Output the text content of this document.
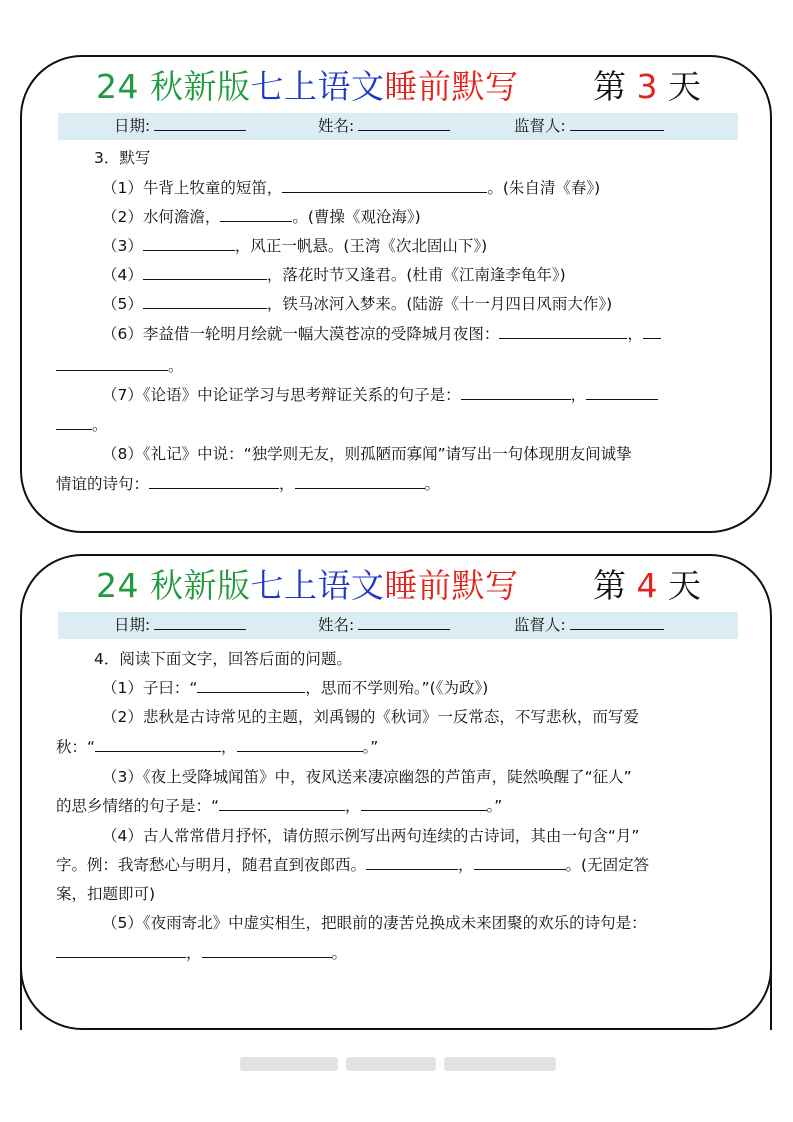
24 秋新版七上语文睡前默写 第 3 天
日期:	姓名:	监督人:
3．默写
（1）牛背上牧童的短笛，	。(朱自清《春》)
（2）水何澹澹，	。(曹操《观沧海》)
（3）	，风正一帆悬。(王湾《次北固山下》)
（4）	，落花时节又逢君。(杜甫《江南逢李龟年》)
（5）	，铁马冰河入梦来。(陆游《十一月四日风雨大作》)
（6）李益借一轮明月绘就一幅大漠苍凉的受降城月夜图：	，
。
（7）《论语》中论证学习与思考辩证关系的句子是：	，
。
（8）《礼记》中说：“独学则无友，则孤陋而寡闻”请写出一句体现朋友间诚挚
情谊的诗句：	，	。
24 秋新版七上语文睡前默写 第 4 天
日期:	姓名:	监督人:
4．阅读下面文字，回答后面的问题。
（1）子曰：“	，思而不学则殆。”(《为政》)
（2）悲秋是古诗常见的主题，刘禹锡的《秋词》一反常态，不写悲秋，而写爱
秋：“	，	。”
（3）《夜上受降城闻笛》中，夜风送来凄凉幽怨的芦笛声，陡然唤醒了“征人”
的思乡情绪的句子是：“	，	。”
（4）古人常常借月抒怀，请仿照示例写出两句连续的古诗词，其由一句含“月”
字。例：我寄愁心与明月，随君直到夜郎西。	，	。(无固定答
案，扣题即可)
（5）《夜雨寄北》中虚实相生，把眼前的凄苦兑换成未来团聚的欢乐的诗句是：
，	。
